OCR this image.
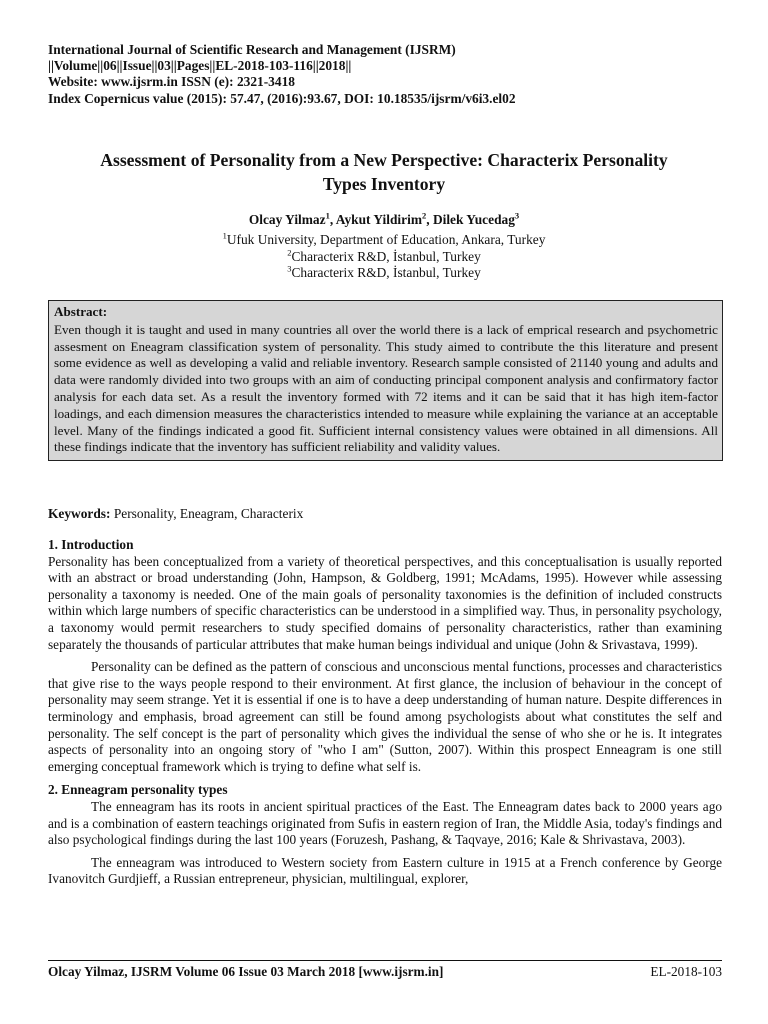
International Journal of Scientific Research and Management (IJSRM)
||Volume||06||Issue||03||Pages||EL-2018-103-116||2018||
Website: www.ijsrm.in ISSN (e): 2321-3418
Index Copernicus value (2015): 57.47, (2016):93.67, DOI: 10.18535/ijsrm/v6i3.el02
Assessment of Personality from a New Perspective: Characterix Personality
Types Inventory
Olcay Yilmaz$^1$, Aykut Yildirim$^2$, Dilek Yucedag$^3$
$^1$Ufuk University, Department of Education, Ankara, Turkey
$^2$Characterix R&D, İstanbul, Turkey
$^3$Characterix R&D, İstanbul, Turkey
Abstract:
Even though it is taught and used in many countries all over the world there is a lack of emprical research and psychometric assesment on Eneagram classification system of personality. This study aimed to contribute the this literature and present some evidence as well as developing a valid and reliable inventory. Research sample consisted of 21140 young and adults and data were randomly divided into two groups with an aim of conducting principal component analysis and confirmatory factor analysis for each data set. As a result the inventory formed with 72 items and it can be said that it has high item-factor loadings, and each dimension measures the characteristics intended to measure while explaining the variance at an acceptable level. Many of the findings indicated a good fit. Sufficient internal consistency values were obtained in all dimensions. All these findings indicate that the inventory has sufficient reliability and validity values.
Keywords: Personality, Eneagram, Characterix
1. Introduction

Personality has been conceptualized from a variety of theoretical perspectives, and this conceptualisation is usually reported with an abstract or broad understanding (John, Hampson, & Goldberg, 1991; McAdams, 1995). However while assessing personality a taxonomy is needed. One of the main goals of personality taxonomies is the definition of included constructs within which large numbers of specific characteristics can be understood in a simplified way. Thus, in personality psychology, a taxonomy would permit researchers to study specified domains of personality characteristics, rather than examining separately the thousands of particular attributes that make human beings individual and unique (John & Srivastava, 1999).

Personality can be defined as the pattern of conscious and unconscious mental functions, processes and characteristics that give rise to the ways people respond to their environment. At first glance, the inclusion of behaviour in the concept of personality may seem strange. Yet it is essential if one is to have a deep understanding of human nature. Despite differences in terminology and emphasis, broad agreement can still be found among psychologists about what constitutes the self and personality. The self concept is the part of personality which gives the individual the sense of who she or he is. It integrates aspects of personality into an ongoing story of "who I am" (Sutton, 2007). Within this prospect Enneagram is one still emerging conceptual framework which is trying to define what self is.

2. Enneagram personality types

The enneagram has its roots in ancient spiritual practices of the East. The Enneagram dates back to 2000 years ago and is a combination of eastern teachings originated from Sufis in eastern region of Iran, the Middle Asia, today's findings and also psychological findings during the last 100 years (Foruzesh, Pashang, & Taqvaye, 2016; Kale & Shrivastava, 2003).

The enneagram was introduced to Western society from Eastern culture in 1915 at a French conference by George Ivanovitch Gurdjieff, a Russian entrepreneur, physician, multilingual, explorer,

Olcay Yilmaz, IJSRM Volume 06 Issue 03 March 2018 [www.ijsrm.in]	EL-2018-103
